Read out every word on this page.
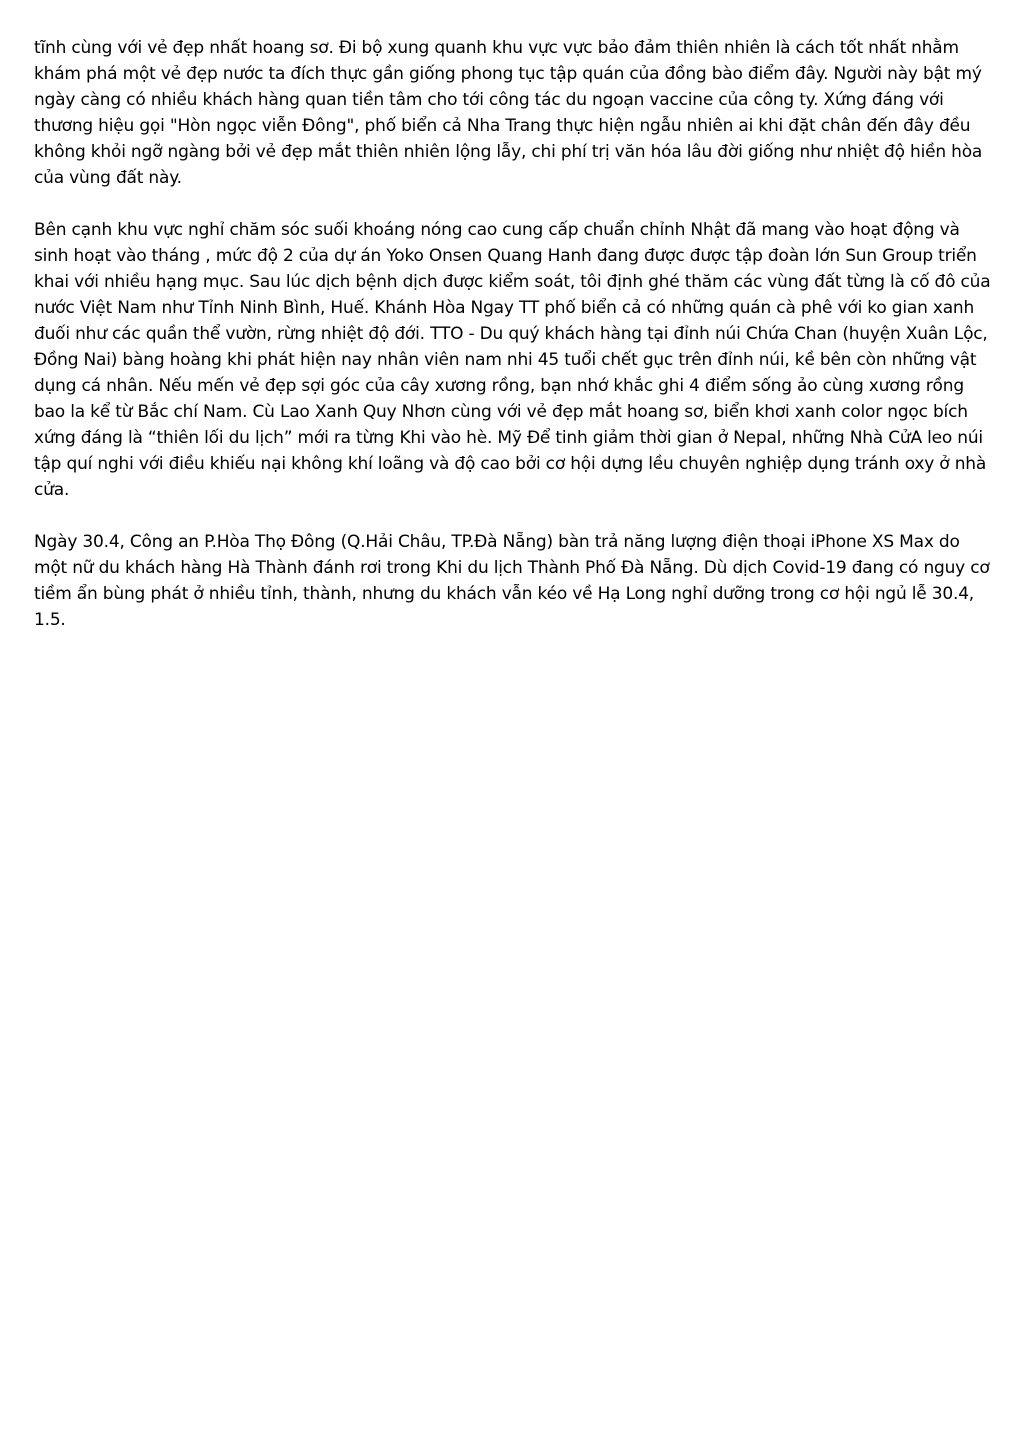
tĩnh cùng với vẻ đẹp nhất hoang sơ. Đi bộ xung quanh khu vực vực bảo đảm thiên nhiên là cách tốt nhất nhằm khám phá một vẻ đẹp nước ta đích thực gần giống phong tục tập quán của đồng bào điểm đây. Người này bật mý ngày càng có nhiều khách hàng quan tiền tâm cho tới công tác du ngoạn vaccine của công ty. Xứng đáng với thương hiệu gọi "Hòn ngọc viễn Đông", phố biển cả Nha Trang thực hiện ngẫu nhiên ai khi đặt chân đến đây đều không khỏi ngỡ ngàng bởi vẻ đẹp mắt thiên nhiên lộng lẫy, chi phí trị văn hóa lâu đời giống như nhiệt độ hiền hòa của vùng đất này.

Bên cạnh khu vực nghỉ chăm sóc suối khoáng nóng cao cung cấp chuẩn chỉnh Nhật đã mang vào hoạt động và sinh hoạt vào tháng , mức độ 2 của dự án Yoko Onsen Quang Hanh đang được được tập đoàn lớn Sun Group triển khai với nhiều hạng mục. Sau lúc dịch bệnh dịch được kiểm soát, tôi định ghé thăm các vùng đất từng là cố đô của nước Việt Nam như Tỉnh Ninh Bình, Huế. Khánh Hòa Ngay TT phố biển cả có những quán cà phê với ko gian xanh đuối như các quần thể vườn, rừng nhiệt độ đới. TTO - Du quý khách hàng tại đỉnh núi Chứa Chan (huyện Xuân Lộc, Đồng Nai) bàng hoàng khi phát hiện nay nhân viên nam nhi 45 tuổi chết gục trên đỉnh núi, kề bên còn những vật dụng cá nhân. Nếu mến vẻ đẹp sợi góc của cây xương rồng, bạn nhớ khắc ghi 4 điểm sống ảo cùng xương rồng bao la kể từ Bắc chí Nam. Cù Lao Xanh Quy Nhơn cùng với vẻ đẹp mắt hoang sơ, biển khơi xanh color ngọc bích xứng đáng là “thiên lối du lịch” mới ra từng Khi vào hè. Mỹ Để tinh giảm thời gian ở Nepal, những Nhà CửA leo núi tập quí nghi với điều khiếu nại không khí loãng và độ cao bởi cơ hội dựng lều chuyên nghiệp dụng tránh oxy ở nhà cửa.

Ngày 30.4, Công an P.Hòa Thọ Đông (Q.Hải Châu, TP.Đà Nẵng) bàn trả năng lượng điện thoại iPhone XS Max do một nữ du khách hàng Hà Thành đánh rơi trong Khi du lịch Thành Phố Đà Nẵng. Dù dịch Covid-19 đang có nguy cơ tiềm ẩn bùng phát ở nhiều tỉnh, thành, nhưng du khách vẫn kéo về Hạ Long nghỉ dưỡng trong cơ hội ngủ lễ 30.4, 1.5.
